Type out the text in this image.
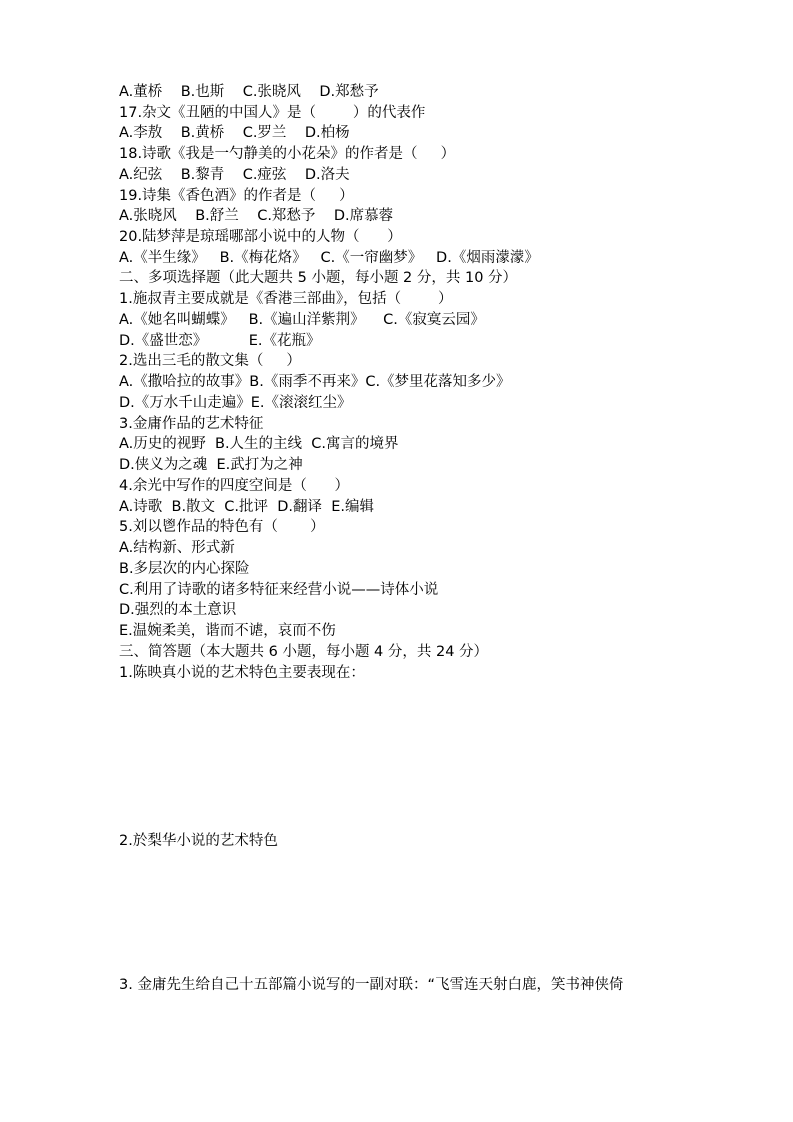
A.董桥    B.也斯    C.张晓风    D.郑愁予
17.杂文《丑陋的中国人》是（        ）的代表作
A.李敖    B.黄桥    C.罗兰    D.柏杨
18.诗歌《我是一勺静美的小花朵》的作者是（     ）
A.纪弦    B.黎青    C.痖弦    D.洛夫
19.诗集《香色酒》的作者是（     ）
A.张晓风    B.舒兰    C.郑愁予    D.席慕蓉
20.陆梦萍是琼瑶哪部小说中的人物（      ）
A.《半生缘》   B.《梅花烙》   C.《一帘幽梦》   D.《烟雨濛濛》
二、多项选择题（此大题共 5 小题，每小题 2 分，共 10 分）
1.施叔青主要成就是《香港三部曲》，包括（        ）
A.《她名叫蝴蝶》   B.《遍山洋紫荆》    C.《寂寞云园》
D.《盛世恋》         E.《花瓶》
2.选出三毛的散文集（     ）
A.《撒哈拉的故事》B.《雨季不再来》C.《梦里花落知多少》
D.《万水千山走遍》E.《滚滚红尘》
3.金庸作品的艺术特征
A.历史的视野  B.人生的主线  C.寓言的境界
D.侠义为之魂  E.武打为之神
4.余光中写作的四度空间是（      ）
A.诗歌  B.散文  C.批评  D.翻译  E.编辑
5.刘以鬯作品的特色有（       ）
A.结构新、形式新
B.多层次的内心探险
C.利用了诗歌的诸多特征来经营小说——诗体小说
D.强烈的本土意识
E.温婉柔美，谐而不谑，哀而不伤
三、简答题（本大题共 6 小题，每小题 4 分，共 24 分）
1.陈映真小说的艺术特色主要表现在：
2.於梨华小说的艺术特色
3. 金庸先生给自己十五部篇小说写的一副对联：“飞雪连天射白鹿，笑书神侠倚
